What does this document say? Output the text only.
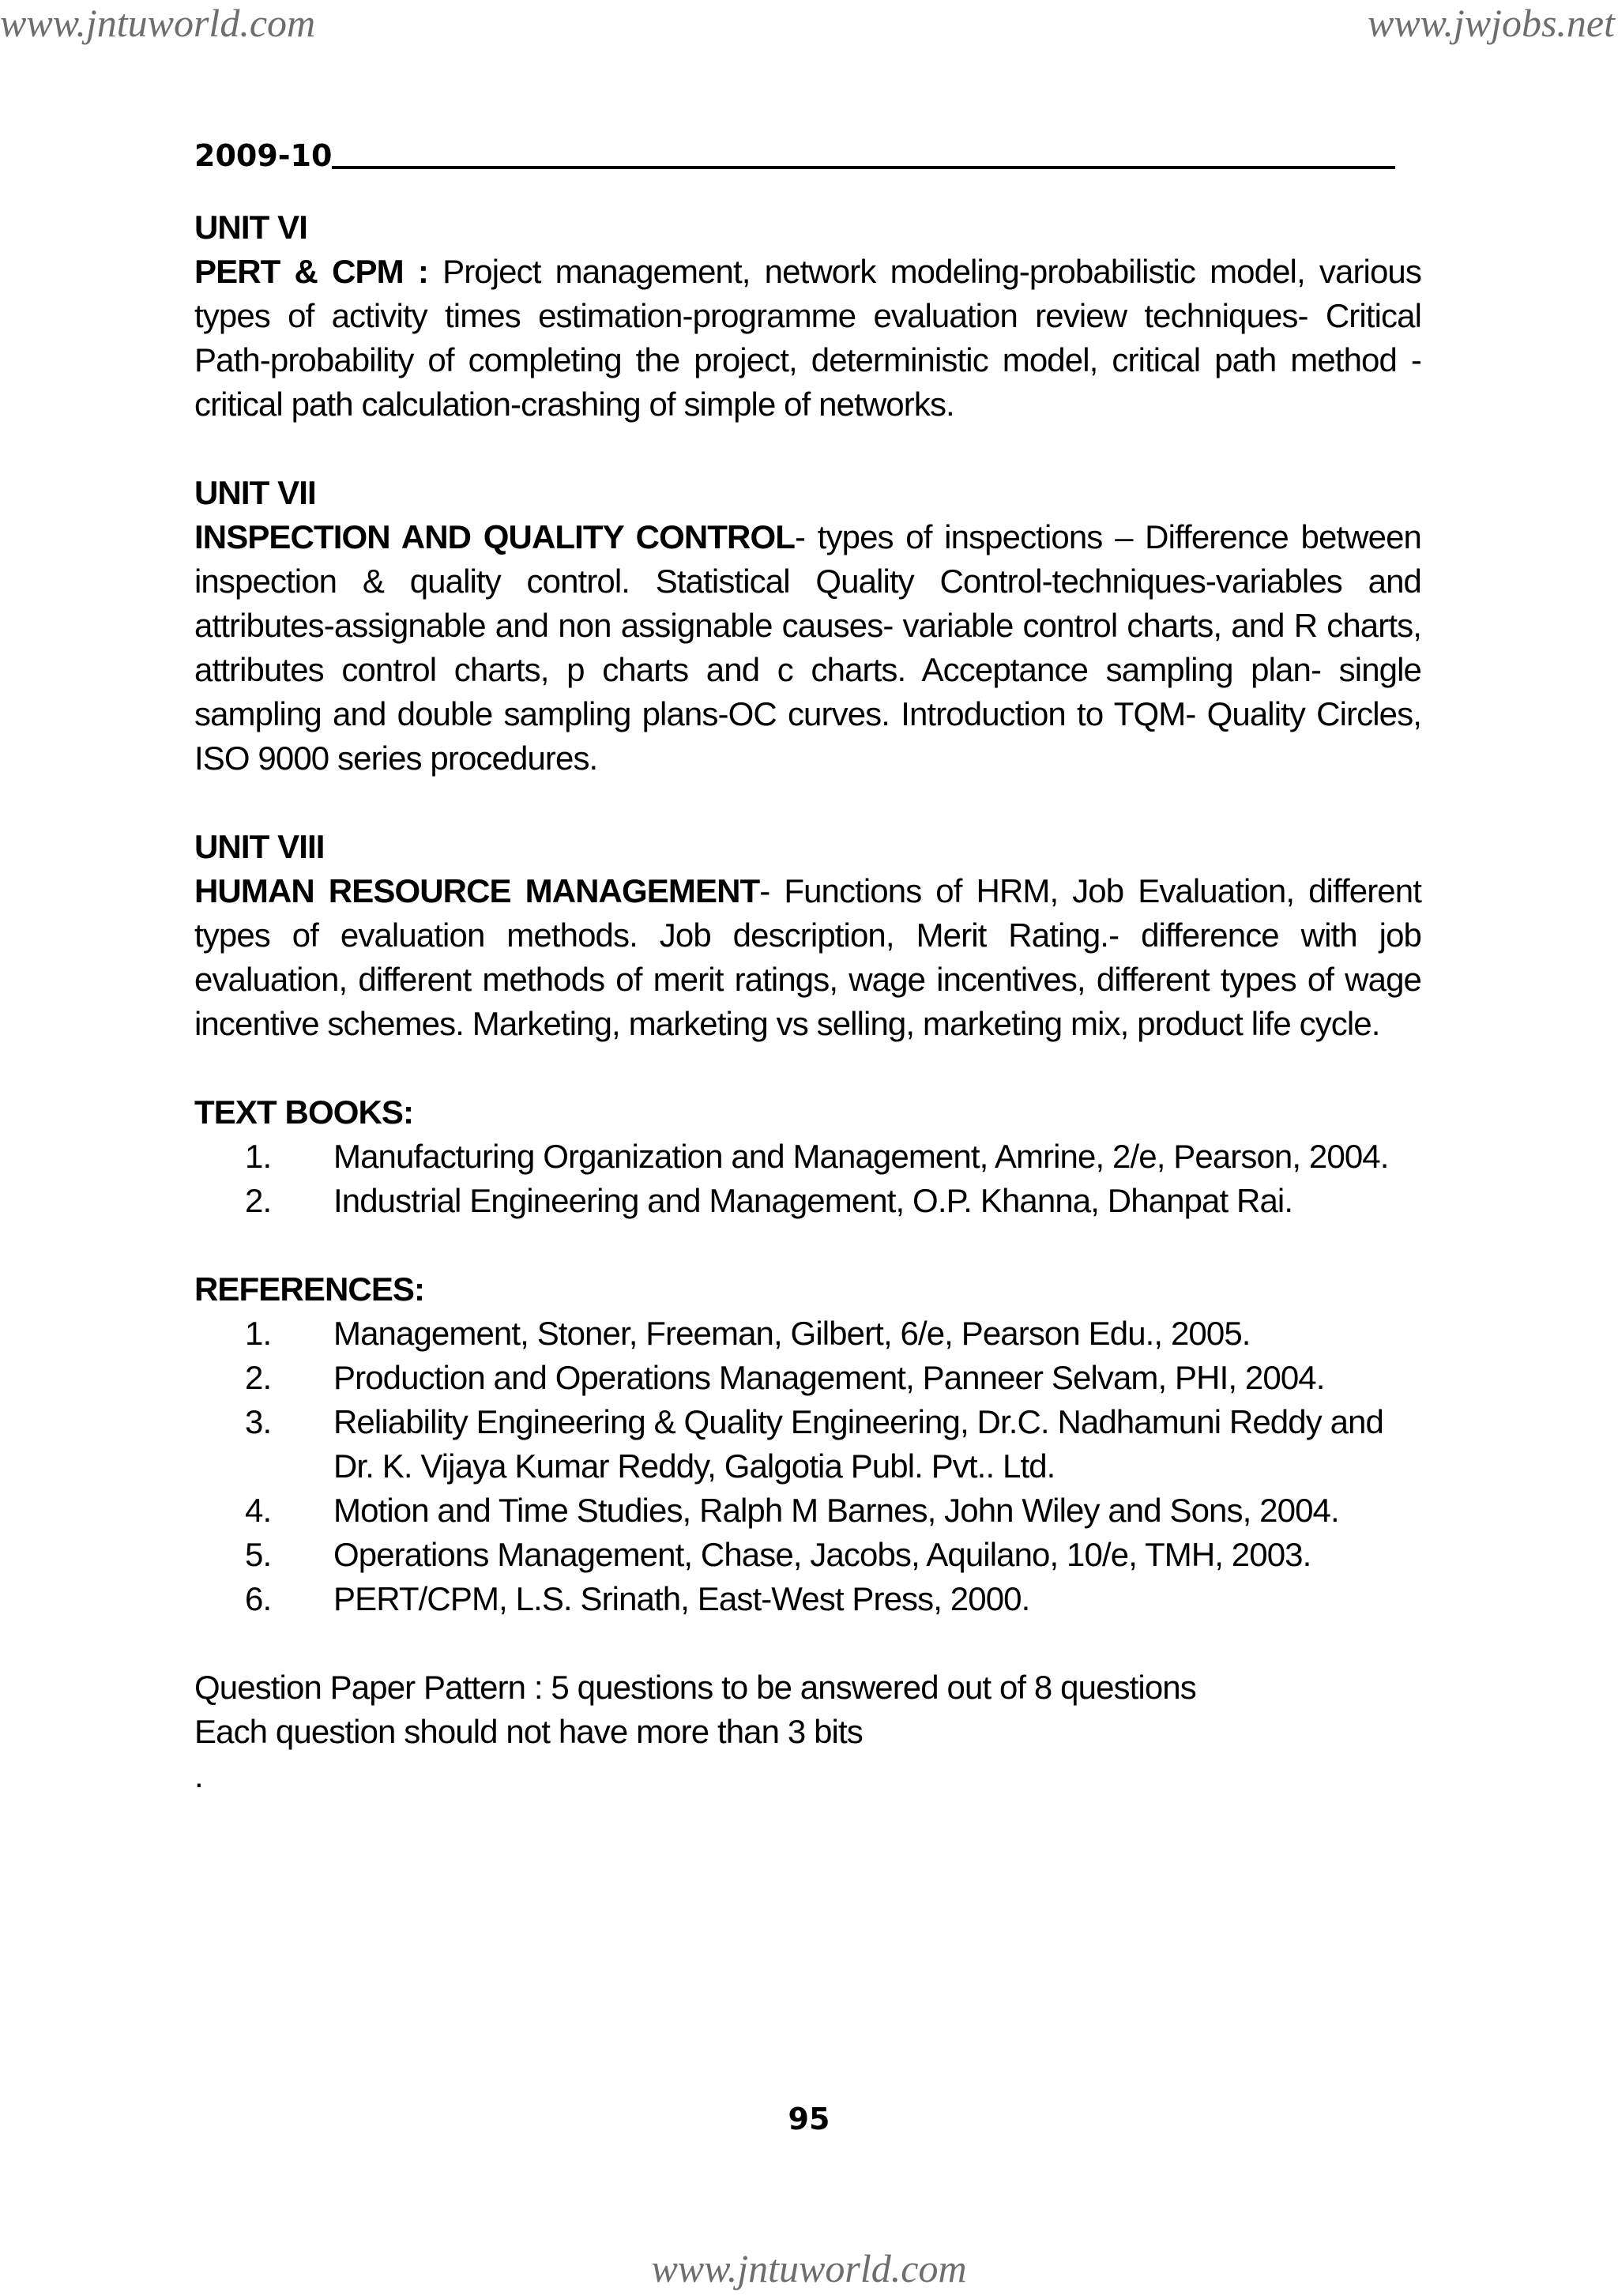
www.jntuworld.com	www.jwjobs.net
2009-10

UNIT VI

PERT & CPM : Project management, network modeling-probabilistic model, various types of activity times estimation-programme evaluation review techniques- Critical Path-probability of completing the project, deterministic model, critical path method - critical path calculation-crashing of simple of networks.

UNIT VII

INSPECTION AND QUALITY CONTROL- types of inspections – Difference between inspection & quality control. Statistical Quality Control-techniques-variables and attributes-assignable and non assignable causes- variable control charts, and R charts, attributes control charts, p charts and c charts. Acceptance sampling plan- single sampling and double sampling plans-OC curves. Introduction to TQM- Quality Circles, ISO 9000 series procedures.

UNIT VIII

HUMAN RESOURCE MANAGEMENT- Functions of HRM, Job Evaluation, different types of evaluation methods. Job description, Merit Rating.- difference with job evaluation, different methods of merit ratings, wage incentives, different types of wage incentive schemes. Marketing, marketing vs selling, marketing mix, product life cycle.

TEXT BOOKS:

1.	Manufacturing Organization and Management, Amrine, 2/e, Pearson, 2004.
2.	Industrial Engineering and Management, O.P. Khanna, Dhanpat Rai.

REFERENCES:

1.	Management, Stoner, Freeman, Gilbert, 6/e, Pearson Edu., 2005.
2.	Production and Operations Management, Panneer Selvam, PHI, 2004.
3.	Reliability Engineering & Quality Engineering, Dr.C. Nadhamuni Reddy and Dr. K. Vijaya Kumar Reddy, Galgotia Publ. Pvt.. Ltd.
4.	Motion and Time Studies, Ralph M Barnes, John Wiley and Sons, 2004.
5.	Operations Management, Chase, Jacobs, Aquilano, 10/e, TMH, 2003.
6.	PERT/CPM, L.S. Srinath, East-West Press, 2000.

Question Paper Pattern : 5 questions to be answered out of 8 questions

Each question should not have more than 3 bits

.

95
www.jntuworld.com
